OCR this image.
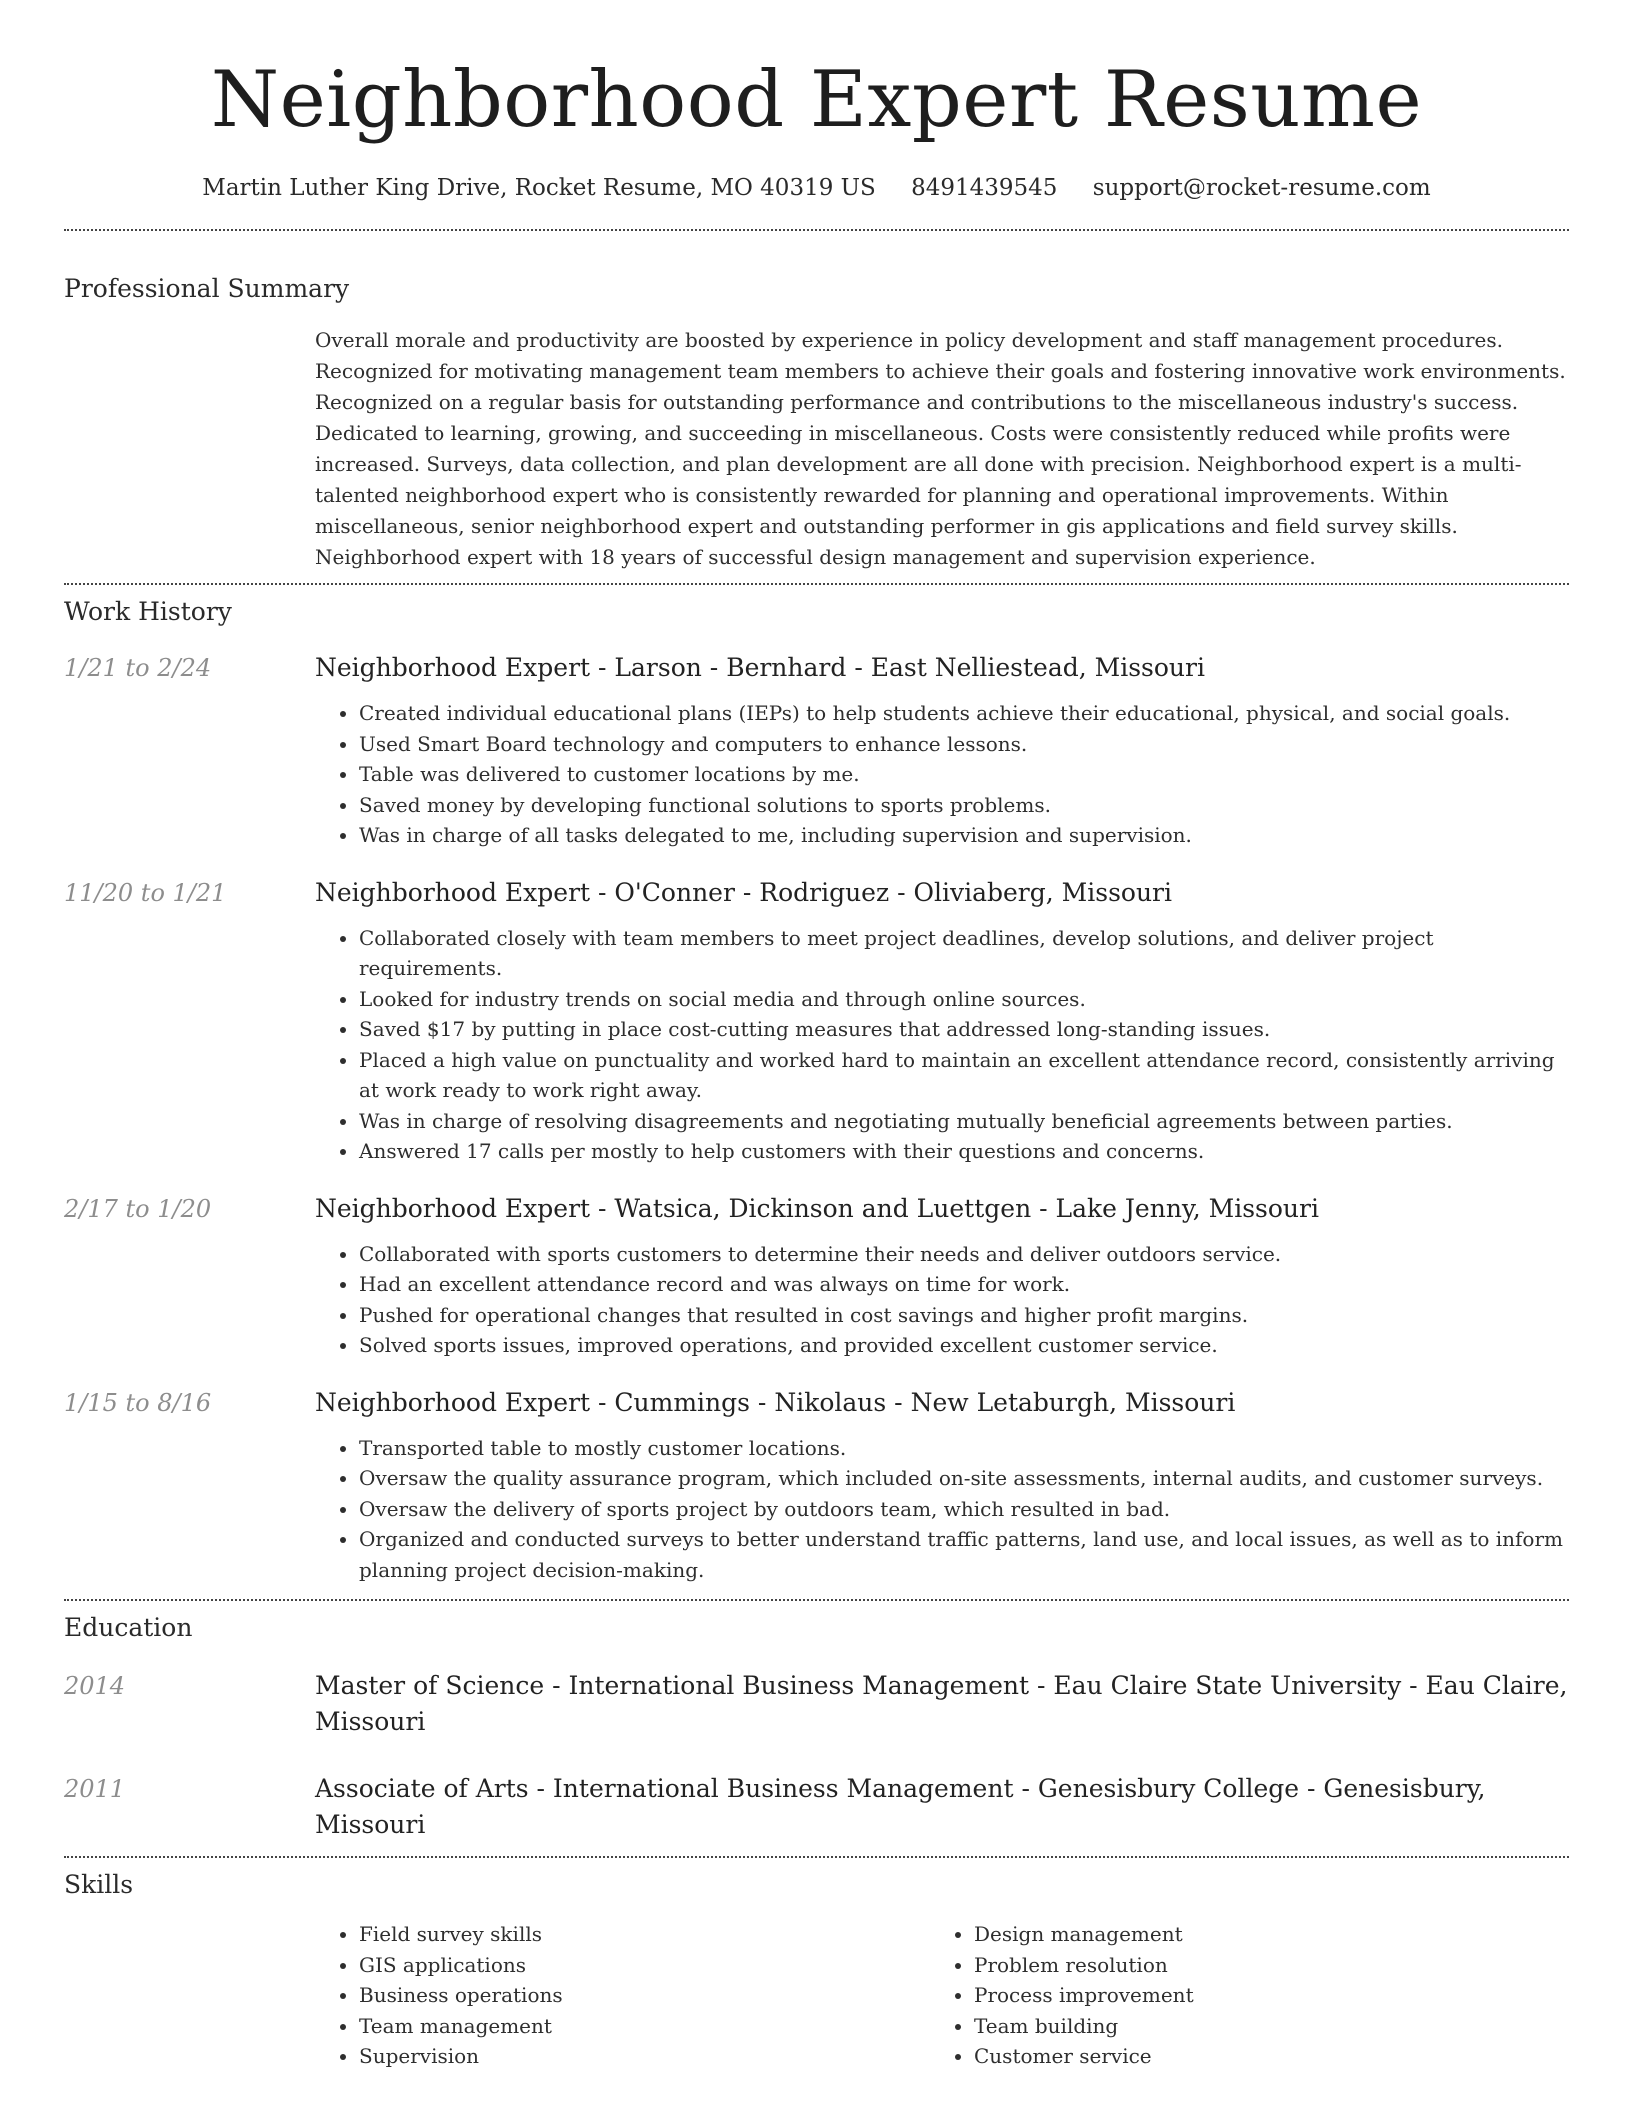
Neighborhood Expert Resume
Martin Luther King Drive, Rocket Resume, MO 40319 US 8491439545 support@rocket-resume.com
Professional Summary
Overall morale and productivity are boosted by experience in policy development and staff management procedures. Recognized for motivating management team members to achieve their goals and fostering innovative work environments. Recognized on a regular basis for outstanding performance and contributions to the miscellaneous industry's success. Dedicated to learning, growing, and succeeding in miscellaneous. Costs were consistently reduced while profits were increased. Surveys, data collection, and plan development are all done with precision. Neighborhood expert is a multi-talented neighborhood expert who is consistently rewarded for planning and operational improvements. Within miscellaneous, senior neighborhood expert and outstanding performer in gis applications and field survey skills. Neighborhood expert with 18 years of successful design management and supervision experience.
Work History
1/21 to 2/24	Neighborhood Expert - Larson - Bernhard - East Nelliestead, Missouri
• Created individual educational plans (IEPs) to help students achieve their educational, physical, and social goals.
• Used Smart Board technology and computers to enhance lessons.
• Table was delivered to customer locations by me.
• Saved money by developing functional solutions to sports problems.
• Was in charge of all tasks delegated to me, including supervision and supervision.
11/20 to 1/21	Neighborhood Expert - O'Conner - Rodriguez - Oliviaberg, Missouri
• Collaborated closely with team members to meet project deadlines, develop solutions, and deliver project requirements.
• Looked for industry trends on social media and through online sources.
• Saved $17 by putting in place cost-cutting measures that addressed long-standing issues.
• Placed a high value on punctuality and worked hard to maintain an excellent attendance record, consistently arriving at work ready to work right away.
• Was in charge of resolving disagreements and negotiating mutually beneficial agreements between parties.
• Answered 17 calls per mostly to help customers with their questions and concerns.
2/17 to 1/20	Neighborhood Expert - Watsica, Dickinson and Luettgen - Lake Jenny, Missouri
• Collaborated with sports customers to determine their needs and deliver outdoors service.
• Had an excellent attendance record and was always on time for work.
• Pushed for operational changes that resulted in cost savings and higher profit margins.
• Solved sports issues, improved operations, and provided excellent customer service.
1/15 to 8/16	Neighborhood Expert - Cummings - Nikolaus - New Letaburgh, Missouri
• Transported table to mostly customer locations.
• Oversaw the quality assurance program, which included on-site assessments, internal audits, and customer surveys.
• Oversaw the delivery of sports project by outdoors team, which resulted in bad.
• Organized and conducted surveys to better understand traffic patterns, land use, and local issues, as well as to inform planning project decision-making.
Education
2014	Master of Science - International Business Management - Eau Claire State University - Eau Claire, Missouri
2011	Associate of Arts - International Business Management - Genesisbury College - Genesisbury, Missouri
Skills
• Field survey skills
• GIS applications
• Business operations
• Team management
• Supervision
• Design management
• Problem resolution
• Process improvement
• Team building
• Customer service
